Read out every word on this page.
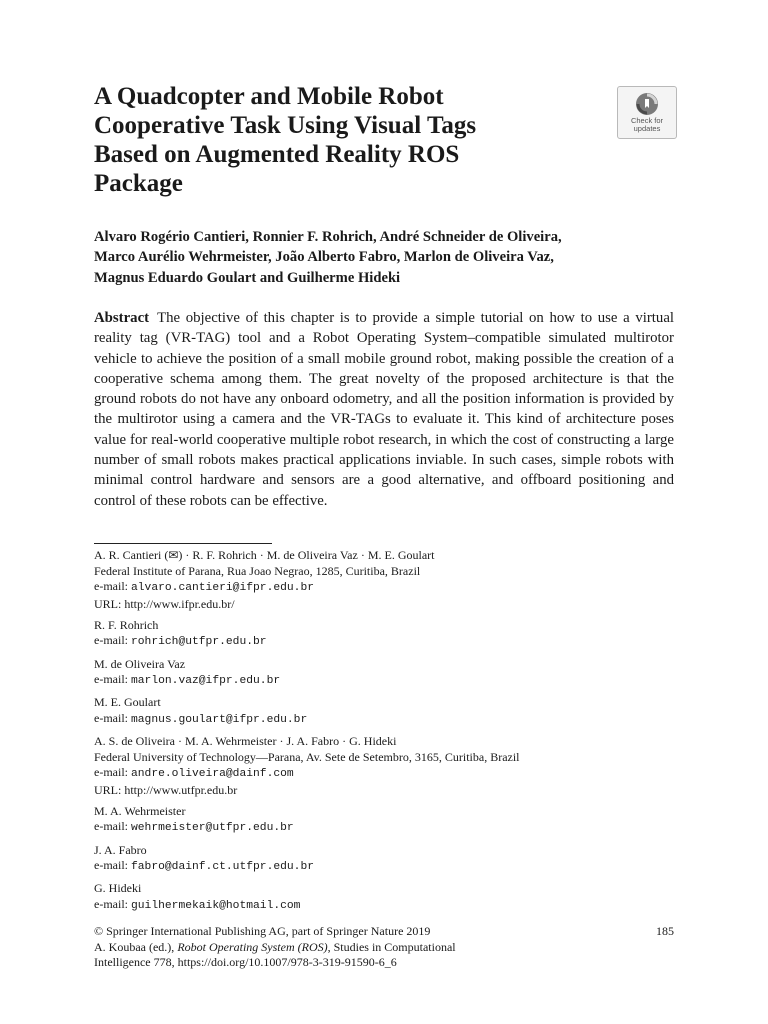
A Quadcopter and Mobile Robot
Cooperative Task Using Visual Tags
Based on Augmented Reality ROS
Package
Check for
updates
Alvaro Rogério Cantieri, Ronnier F. Rohrich, André Schneider de Oliveira,
Marco Aurélio Wehrmeister, João Alberto Fabro, Marlon de Oliveira Vaz,
Magnus Eduardo Goulart and Guilherme Hideki
Abstract The objective of this chapter is to provide a simple tutorial on how to use a virtual reality tag (VR-TAG) tool and a Robot Operating System–compatible simulated multirotor vehicle to achieve the position of a small mobile ground robot, making possible the creation of a cooperative schema among them. The great novelty of the proposed architecture is that the ground robots do not have any onboard odometry, and all the position information is provided by the multirotor using a camera and the VR-TAGs to evaluate it. This kind of architecture poses value for real-world cooperative multiple robot research, in which the cost of constructing a large number of small robots makes practical applications inviable. In such cases, simple robots with minimal control hardware and sensors are a good alternative, and offboard positioning and control of these robots can be effective.
A. R. Cantieri (✉) · R. F. Rohrich · M. de Oliveira Vaz · M. E. Goulart
Federal Institute of Parana, Rua Joao Negrao, 1285, Curitiba, Brazil
e-mail: alvaro.cantieri@ifpr.edu.br
URL: http://www.ifpr.edu.br/
R. F. Rohrich
e-mail: rohrich@utfpr.edu.br
M. de Oliveira Vaz
e-mail: marlon.vaz@ifpr.edu.br
M. E. Goulart
e-mail: magnus.goulart@ifpr.edu.br
A. S. de Oliveira · M. A. Wehrmeister · J. A. Fabro · G. Hideki
Federal University of Technology—Parana, Av. Sete de Setembro, 3165, Curitiba, Brazil
e-mail: andre.oliveira@dainf.com
URL: http://www.utfpr.edu.br
M. A. Wehrmeister
e-mail: wehrmeister@utfpr.edu.br
J. A. Fabro
e-mail: fabro@dainf.ct.utfpr.edu.br
G. Hideki
e-mail: guilhermekaik@hotmail.com
© Springer International Publishing AG, part of Springer Nature 2019
A. Koubaa (ed.), Robot Operating System (ROS), Studies in Computational
Intelligence 778, https://doi.org/10.1007/978-3-319-91590-6_6
185
